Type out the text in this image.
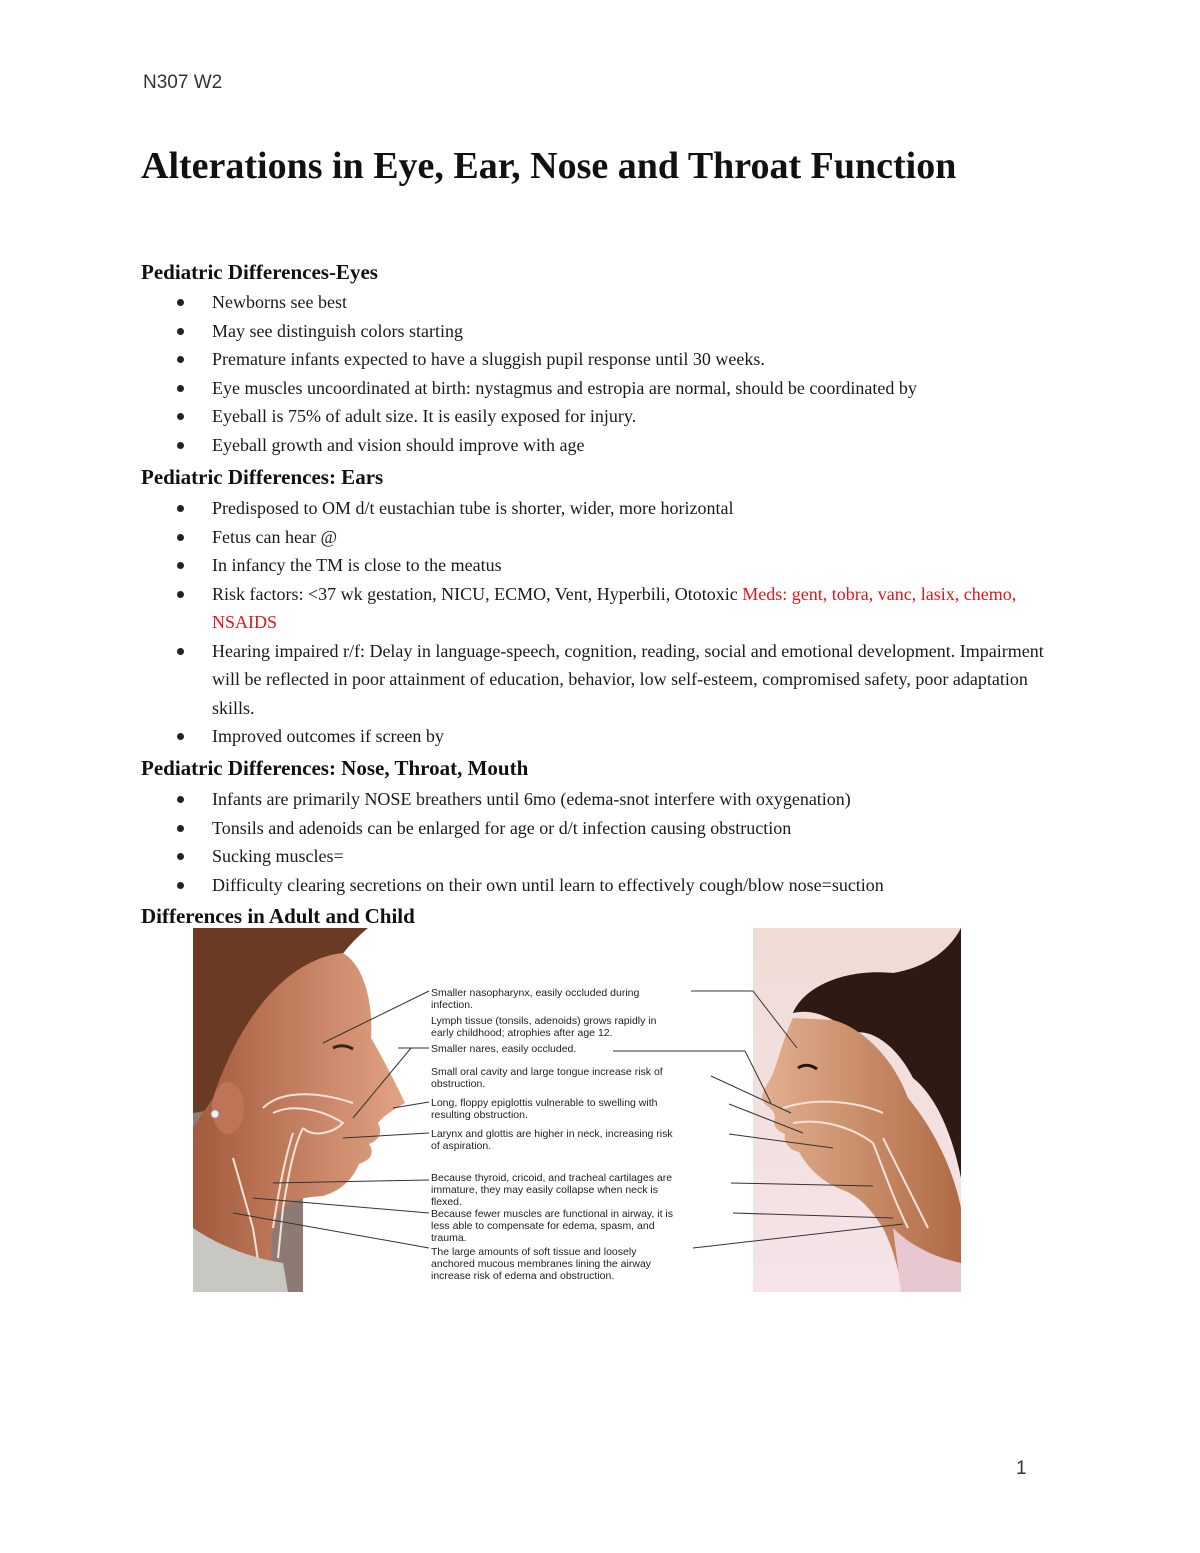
N307 W2
Alterations in Eye, Ear, Nose and Throat Function
Pediatric Differences-Eyes
Newborns see best
May see distinguish colors starting
Premature infants expected to have a sluggish pupil response until 30 weeks.
Eye muscles uncoordinated at birth: nystagmus and estropia are normal, should be coordinated by
Eyeball is 75% of adult size. It is easily exposed for injury.
Eyeball growth and vision should improve with age
Pediatric Differences: Ears
Predisposed to OM d/t eustachian tube is shorter, wider, more horizontal
Fetus can hear @
In infancy the TM is close to the meatus
Risk factors: <37 wk gestation, NICU, ECMO, Vent, Hyperbili, Ototoxic Meds: gent, tobra, vanc, lasix, chemo, NSAIDS
Hearing impaired r/f: Delay in language-speech, cognition, reading, social and emotional development. Impairment will be reflected in poor attainment of education, behavior, low self-esteem, compromised safety, poor adaptation skills.
Improved outcomes if screen by
Pediatric Differences: Nose, Throat, Mouth
Infants are primarily NOSE breathers until 6mo (edema-snot interfere with oxygenation)
Tonsils and adenoids can be enlarged for age or d/t infection causing obstruction
Sucking muscles=
Difficulty clearing secretions on their own until learn to effectively cough/blow nose=suction
Differences in Adult and Child
Smaller nasopharynx, easily occluded during
infection.
Lymph tissue (tonsils, adenoids) grows rapidly in
early childhood; atrophies after age 12.
Smaller nares, easily occluded.
Small oral cavity and large tongue increase risk of
obstruction.
Long, floppy epiglottis vulnerable to swelling with
resulting obstruction.
Larynx and glottis are higher in neck, increasing risk
of aspiration.
Because thyroid, cricoid, and tracheal cartilages are
immature, they may easily collapse when neck is
flexed.
Because fewer muscles are functional in airway, it is
less able to compensate for edema, spasm, and
trauma.
The large amounts of soft tissue and loosely
anchored mucous membranes lining the airway
increase risk of edema and obstruction.
1
